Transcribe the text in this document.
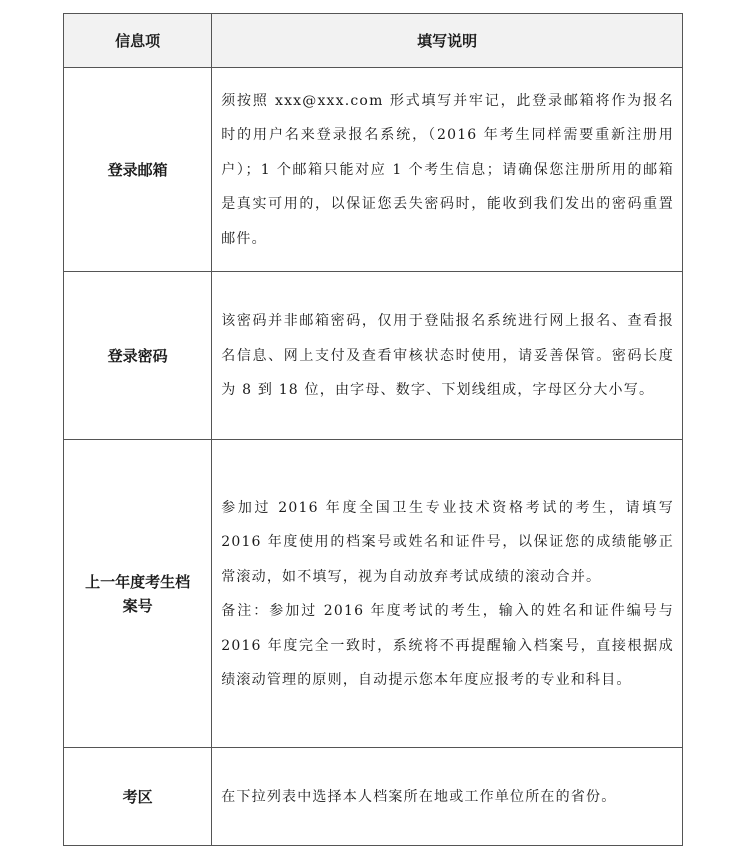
信息项	填写说明
登录邮箱	须按照 xxx@xxx.com 形式填写并牢记，此登录邮箱将作为报名时的用户名来登录报名系统，（2016 年考生同样需要重新注册用户）；1 个邮箱只能对应 1 个考生信息；请确保您注册所用的邮箱是真实可用的，以保证您丢失密码时，能收到我们发出的密码重置邮件。

登录密码	该密码并非邮箱密码，仅用于登陆报名系统进行网上报名、查看报名信息、网上支付及查看审核状态时使用，请妥善保管。密码长度为 8 到 18 位，由字母、数字、下划线组成，字母区分大小写。

上一年度考生档案号	参加过 2016 年度全国卫生专业技术资格考试的考生，请填写 2016 年度使用的档案号或姓名和证件号，以保证您的成绩能够正常滚动，如不填写，视为自动放弃考试成绩的滚动合并。

备注：参加过 2016 年度考试的考生，输入的姓名和证件编号与 2016 年度完全一致时，系统将不再提醒输入档案号，直接根据成绩滚动管理的原则，自动提示您本年度应报考的专业和科目。

考区	在下拉列表中选择本人档案所在地或工作单位所在的省份。
